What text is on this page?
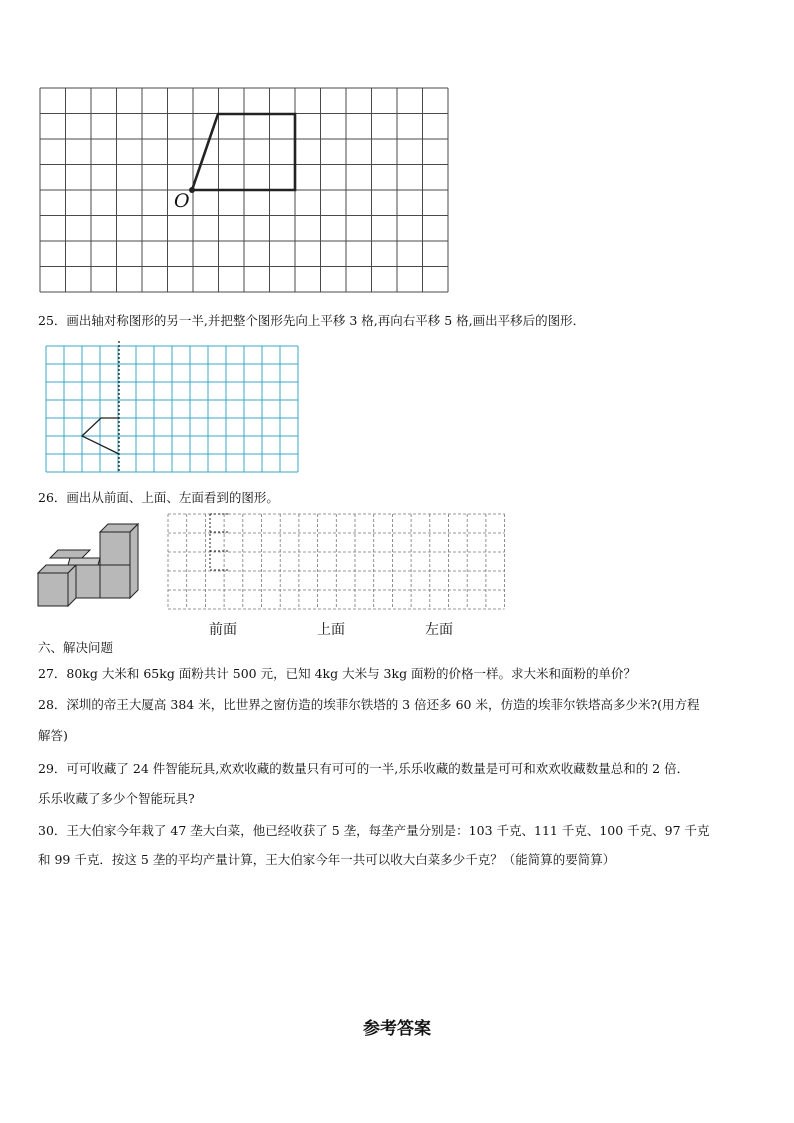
O
25．画出轴对称图形的另一半,并把整个图形先向上平移 3 格,再向右平移 5 格,画出平移后的图形．
26．画出从前面、上面、左面看到的图形。
前面	上面	左面
六、解决问题
27．80kg 大米和 65kg 面粉共计 500 元，已知 4kg 大米与 3kg 面粉的价格一样。求大米和面粉的单价？
28．深圳的帝王大厦高 384 米，比世界之窗仿造的埃菲尔铁塔的 3 倍还多 60 米，仿造的埃菲尔铁塔高多少米?(用方程
解答)
29．可可收藏了 24 件智能玩具,欢欢收藏的数量只有可可的一半,乐乐收藏的数量是可可和欢欢收藏数量总和的 2 倍．
乐乐收藏了多少个智能玩具?
30．王大伯家今年栽了 47 垄大白菜，他已经收获了 5 垄，每垄产量分别是：103 千克、111 千克、100 千克、97 千克
和 99 千克．按这 5 垄的平均产量计算，王大伯家今年一共可以收大白菜多少千克？（能简算的要简算）
参考答案
